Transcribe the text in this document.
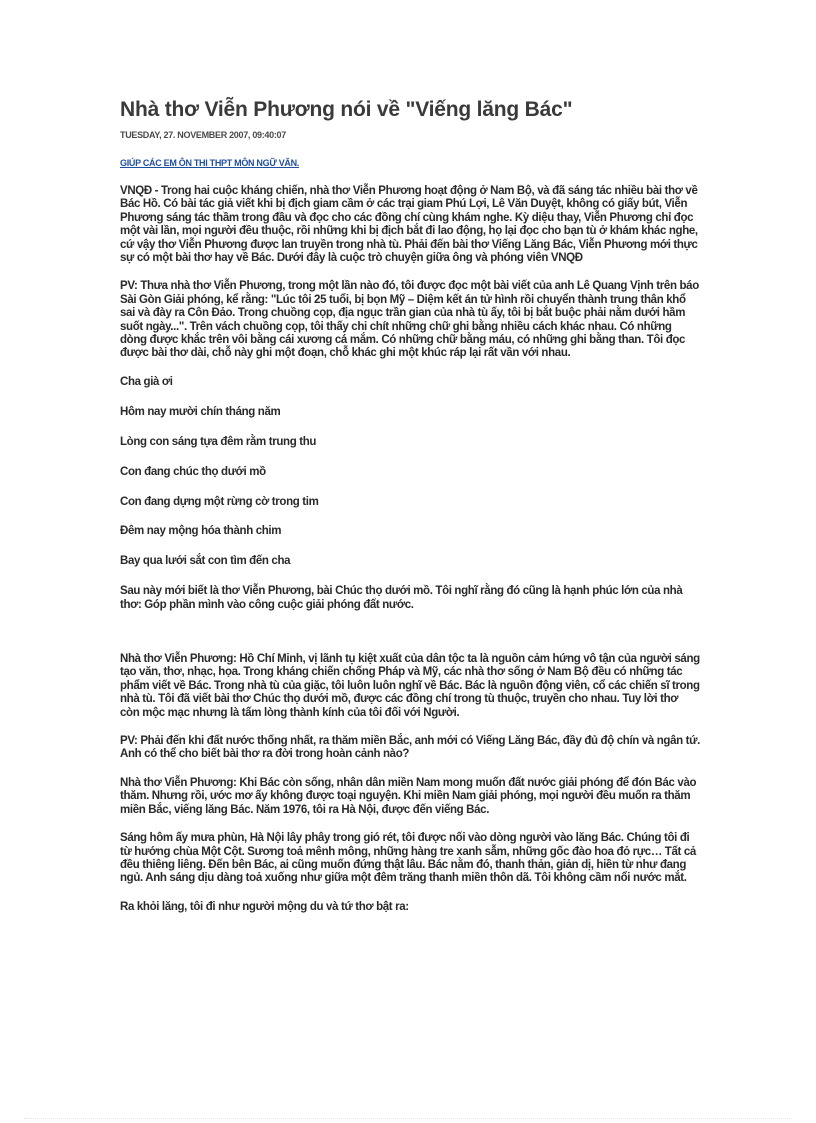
Nhà thơ Viễn Phương nói về "Viếng lăng Bác"
TUESDAY, 27. NOVEMBER 2007, 09:40:07
GIÚP CÁC EM ÔN THI THPT MÔN NGỮ VĂN.

VNQĐ - Trong hai cuộc kháng chiến, nhà thơ Viễn Phương hoạt động ở Nam Bộ, và đã sáng tác nhiều bài thơ về Bác Hồ. Có bài tác giả viết khi bị địch giam cầm ở các trại giam Phú Lợi, Lê Văn Duyệt, không có giấy bút, Viễn Phương sáng tác thầm trong đầu và đọc cho các đồng chí cùng khám nghe. Kỳ diệu thay, Viễn Phương chỉ đọc một vài lần, mọi người đều thuộc, rồi những khi bị địch bắt đi lao động, họ lại đọc cho bạn tù ở khám khác nghe, cứ vậy thơ Viễn Phương được lan truyền trong nhà tù. Phải đến bài thơ Viếng Lăng Bác, Viễn Phương mới thực sự có một bài thơ hay về Bác. Dưới đây là cuộc trò chuyện giữa ông và phóng viên VNQĐ

PV: Thưa nhà thơ Viễn Phương, trong một lần nào đó, tôi được đọc một bài viết của anh Lê Quang Vịnh trên báo Sài Gòn Giải phóng, kể rằng: "Lúc tôi 25 tuổi, bị bọn Mỹ – Diệm kết án tử hình rồi chuyển thành trung thân khổ sai và đày ra Côn Đảo. Trong chuồng cọp, địa ngục trần gian của nhà tù ấy, tôi bị bắt buộc phải nằm dưới hầm suốt ngày...". Trên vách chuồng cọp, tôi thấy chi chít những chữ ghi bằng nhiều cách khác nhau. Có những dòng được khắc trên vôi bằng cái xương cá mắm. Có những chữ bằng máu, có những ghi bằng than. Tôi đọc được bài thơ dài, chỗ này ghi một đoạn, chỗ khác ghi một khúc ráp lại rất vần với nhau.

Cha già ơi
Hôm nay mười chín tháng năm
Lòng con sáng tựa đêm rằm trung thu
Con đang chúc thọ dưới mồ
Con đang dựng một rừng cờ trong tim
Đêm nay mộng hóa thành chim
Bay qua lưới sắt con tìm đến cha

Sau này mới biết là thơ Viễn Phương, bài Chúc thọ dưới mồ. Tôi nghĩ rằng đó cũng là hạnh phúc lớn của nhà thơ: Góp phần mình vào công cuộc giải phóng đất nước.

Nhà thơ Viễn Phương: Hồ Chí Minh, vị lãnh tụ kiệt xuất của dân tộc ta là nguồn cảm hứng vô tận của người sáng tạo văn, thơ, nhạc, họa. Trong kháng chiến chống Pháp và Mỹ, các nhà thơ sống ở Nam Bộ đều có những tác phẩm viết về Bác. Trong nhà tù của giặc, tôi luôn luôn nghĩ về Bác. Bác là nguồn động viên, cổ các chiến sĩ trong nhà tù. Tôi đã viết bài thơ Chúc thọ dưới mồ, được các đồng chí trong tù thuộc, truyền cho nhau. Tuy lời thơ còn mộc mạc nhưng là tấm lòng thành kính của tôi đối với Người.

PV: Phải đến khi đất nước thống nhất, ra thăm miền Bắc, anh mới có Viếng Lăng Bác, đầy đủ độ chín và ngân tứ. Anh có thể cho biết bài thơ ra đời trong hoàn cảnh nào?

Nhà thơ Viễn Phương: Khi Bác còn sống, nhân dân miền Nam mong muốn đất nước giải phóng để đón Bác vào thăm. Nhưng rồi, ước mơ ấy không được toại nguyện. Khi miền Nam giải phóng, mọi người đều muốn ra thăm miền Bắc, viếng lăng Bác. Năm 1976, tôi ra Hà Nội, được đến viếng Bác.

Sáng hôm ấy mưa phùn, Hà Nội lây phây trong gió rét, tôi được nối vào dòng người vào lăng Bác. Chúng tôi đi từ hướng chùa Một Cột. Sương toả mênh mông, những hàng tre xanh sẫm, những gốc đào hoa đỏ rực… Tất cả đều thiêng liêng. Đến bên Bác, ai cũng muốn đứng thật lâu. Bác nằm đó, thanh thản, giản dị, hiền từ như đang ngủ. Anh sáng dịu dàng toả xuống như giữa một đêm trăng thanh miền thôn dã. Tôi không cầm nổi nước mắt.

Ra khỏi lăng, tôi đi như người mộng du và tứ thơ bật ra:
